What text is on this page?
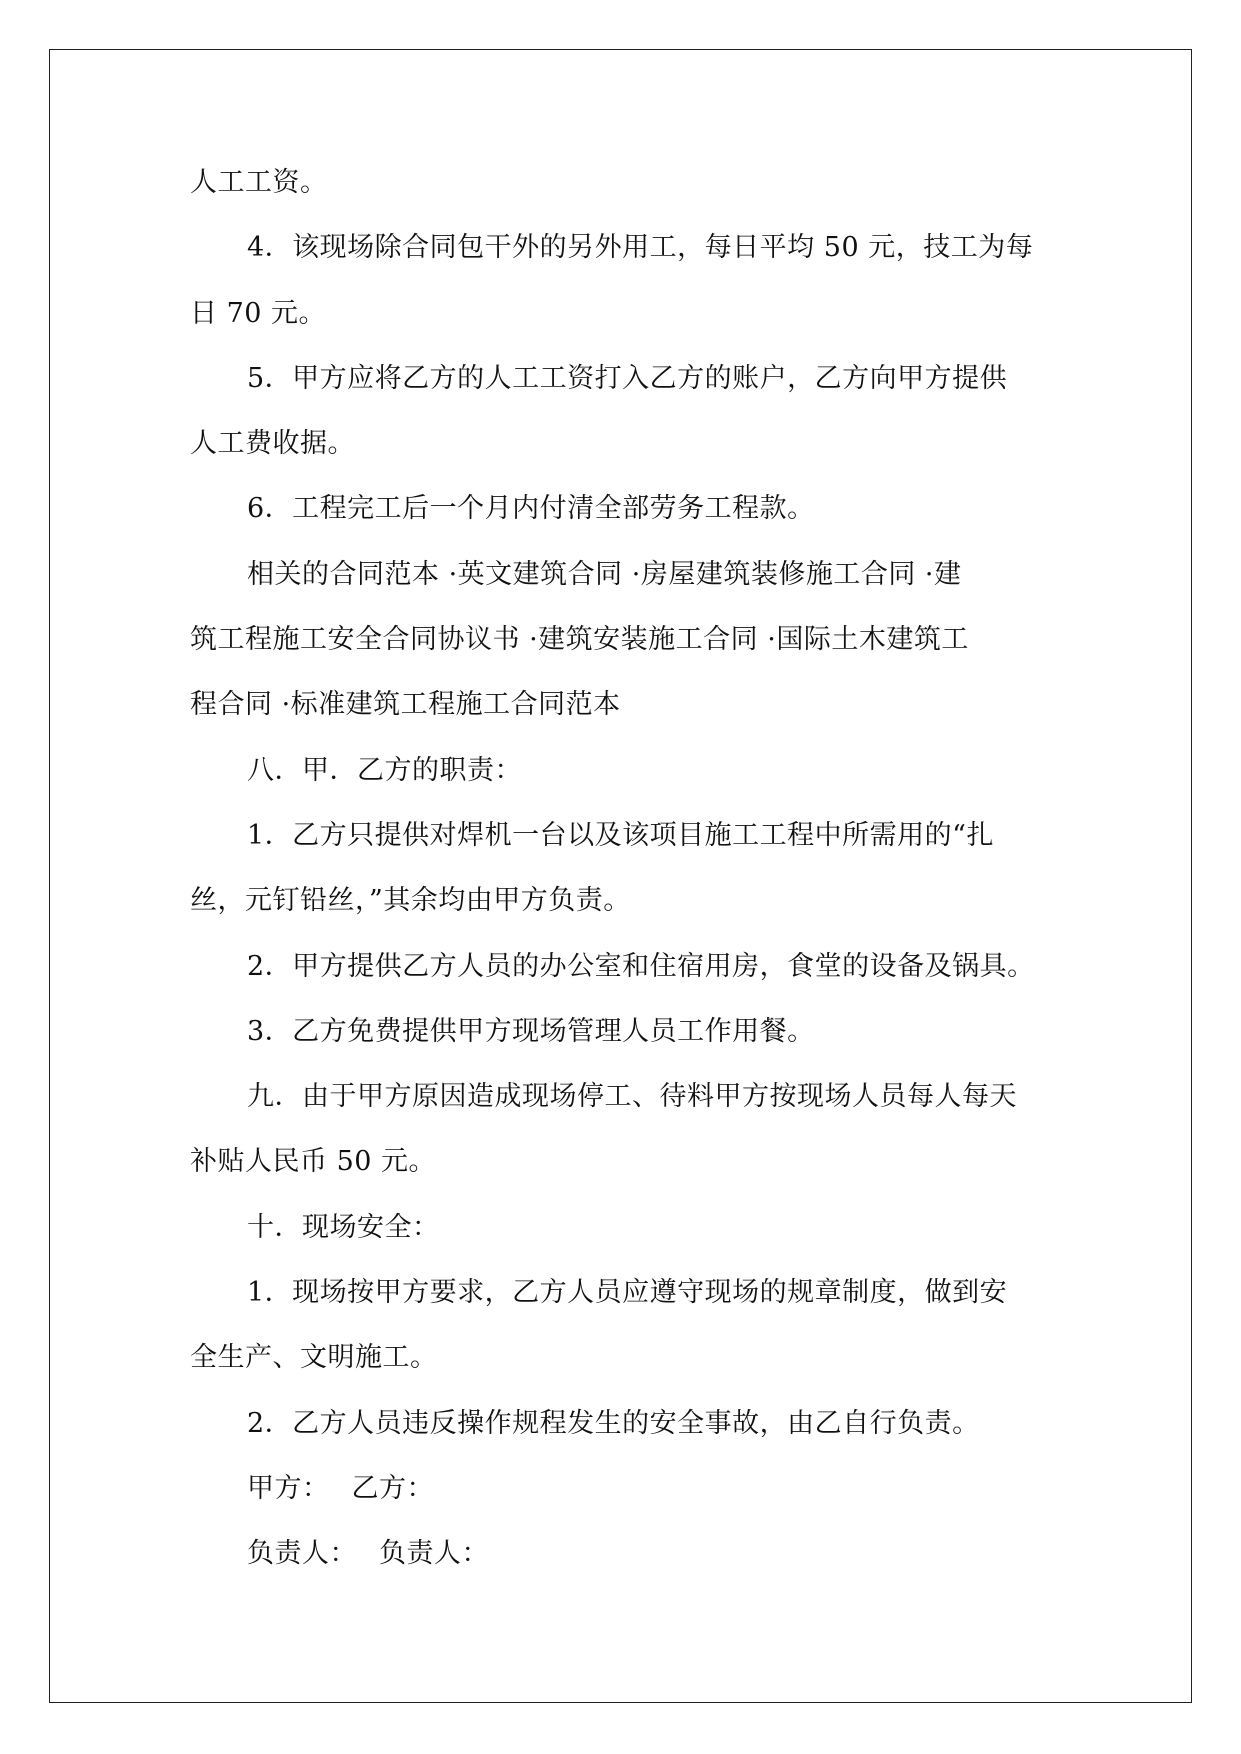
人工工资。
4．该现场除合同包干外的另外用工，每日平均 50 元，技工为每
日 70 元。
5．甲方应将乙方的人工工资打入乙方的账户，乙方向甲方提供
人工费收据。
6．工程完工后一个月内付清全部劳务工程款。
相关的合同范本 ·英文建筑合同 ·房屋建筑装修施工合同 ·建
筑工程施工安全合同协议书 ·建筑安装施工合同 ·国际土木建筑工
程合同 ·标准建筑工程施工合同范本
八．甲．乙方的职责：
1．乙方只提供对焊机一台以及该项目施工工程中所需用的“扎
丝，元钉铅丝，”其余均由甲方负责。
2．甲方提供乙方人员的办公室和住宿用房，食堂的设备及锅具。
3．乙方免费提供甲方现场管理人员工作用餐。
九．由于甲方原因造成现场停工、待料甲方按现场人员每人每天
补贴人民币 50 元。
十．现场安全：
1．现场按甲方要求，乙方人员应遵守现场的规章制度，做到安
全生产、文明施工。
2．乙方人员违反操作规程发生的安全事故，由乙自行负责。
甲方： 乙方：
负责人： 负责人：
